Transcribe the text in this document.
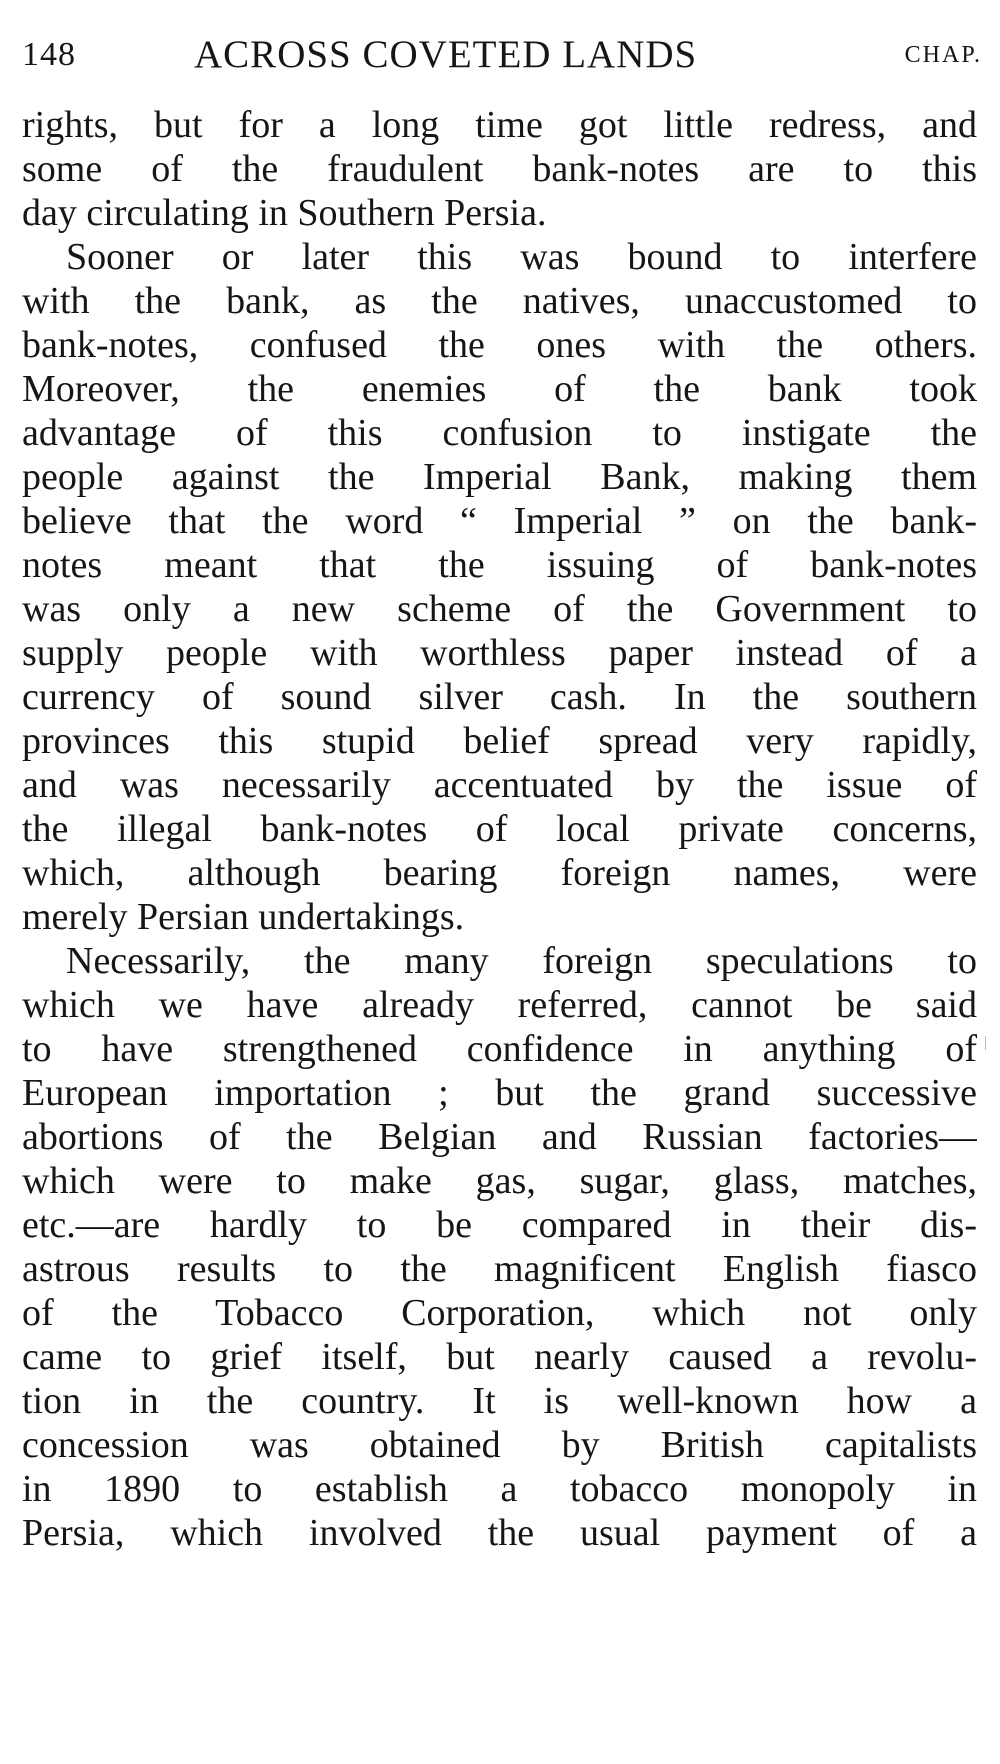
148	ACROSS COVETED LANDS	CHAP.
rights, but for a long time got little redress, and
some of the fraudulent bank-notes are to this
day circulating in Southern Persia.
Sooner or later this was bound to interfere
with the bank, as the natives, unaccustomed to
bank-notes, confused the ones with the others.
Moreover, the enemies of the bank took
advantage of this confusion to instigate the
people against the Imperial Bank, making them
believe that the word “ Imperial ” on the bank-
notes meant that the issuing of bank-notes
was only a new scheme of the Government to
supply people with worthless paper instead of a
currency of sound silver cash. In the southern
provinces this stupid belief spread very rapidly,
and was necessarily accentuated by the issue of
the illegal bank-notes of local private concerns,
which, although bearing foreign names, were
merely Persian undertakings.
Necessarily, the many foreign speculations to
which we have already referred, cannot be said
to have strengthened confidence in anything of
European importation ; but the grand successive
abortions of the Belgian and Russian factories—
which were to make gas, sugar, glass, matches,
etc.—are hardly to be compared in their dis-
astrous results to the magnificent English fiasco
of the Tobacco Corporation, which not only
came to grief itself, but nearly caused a revolu-
tion in the country. It is well-known how a
concession was obtained by British capitalists
in 1890 to establish a tobacco monopoly in
Persia, which involved the usual payment of a
